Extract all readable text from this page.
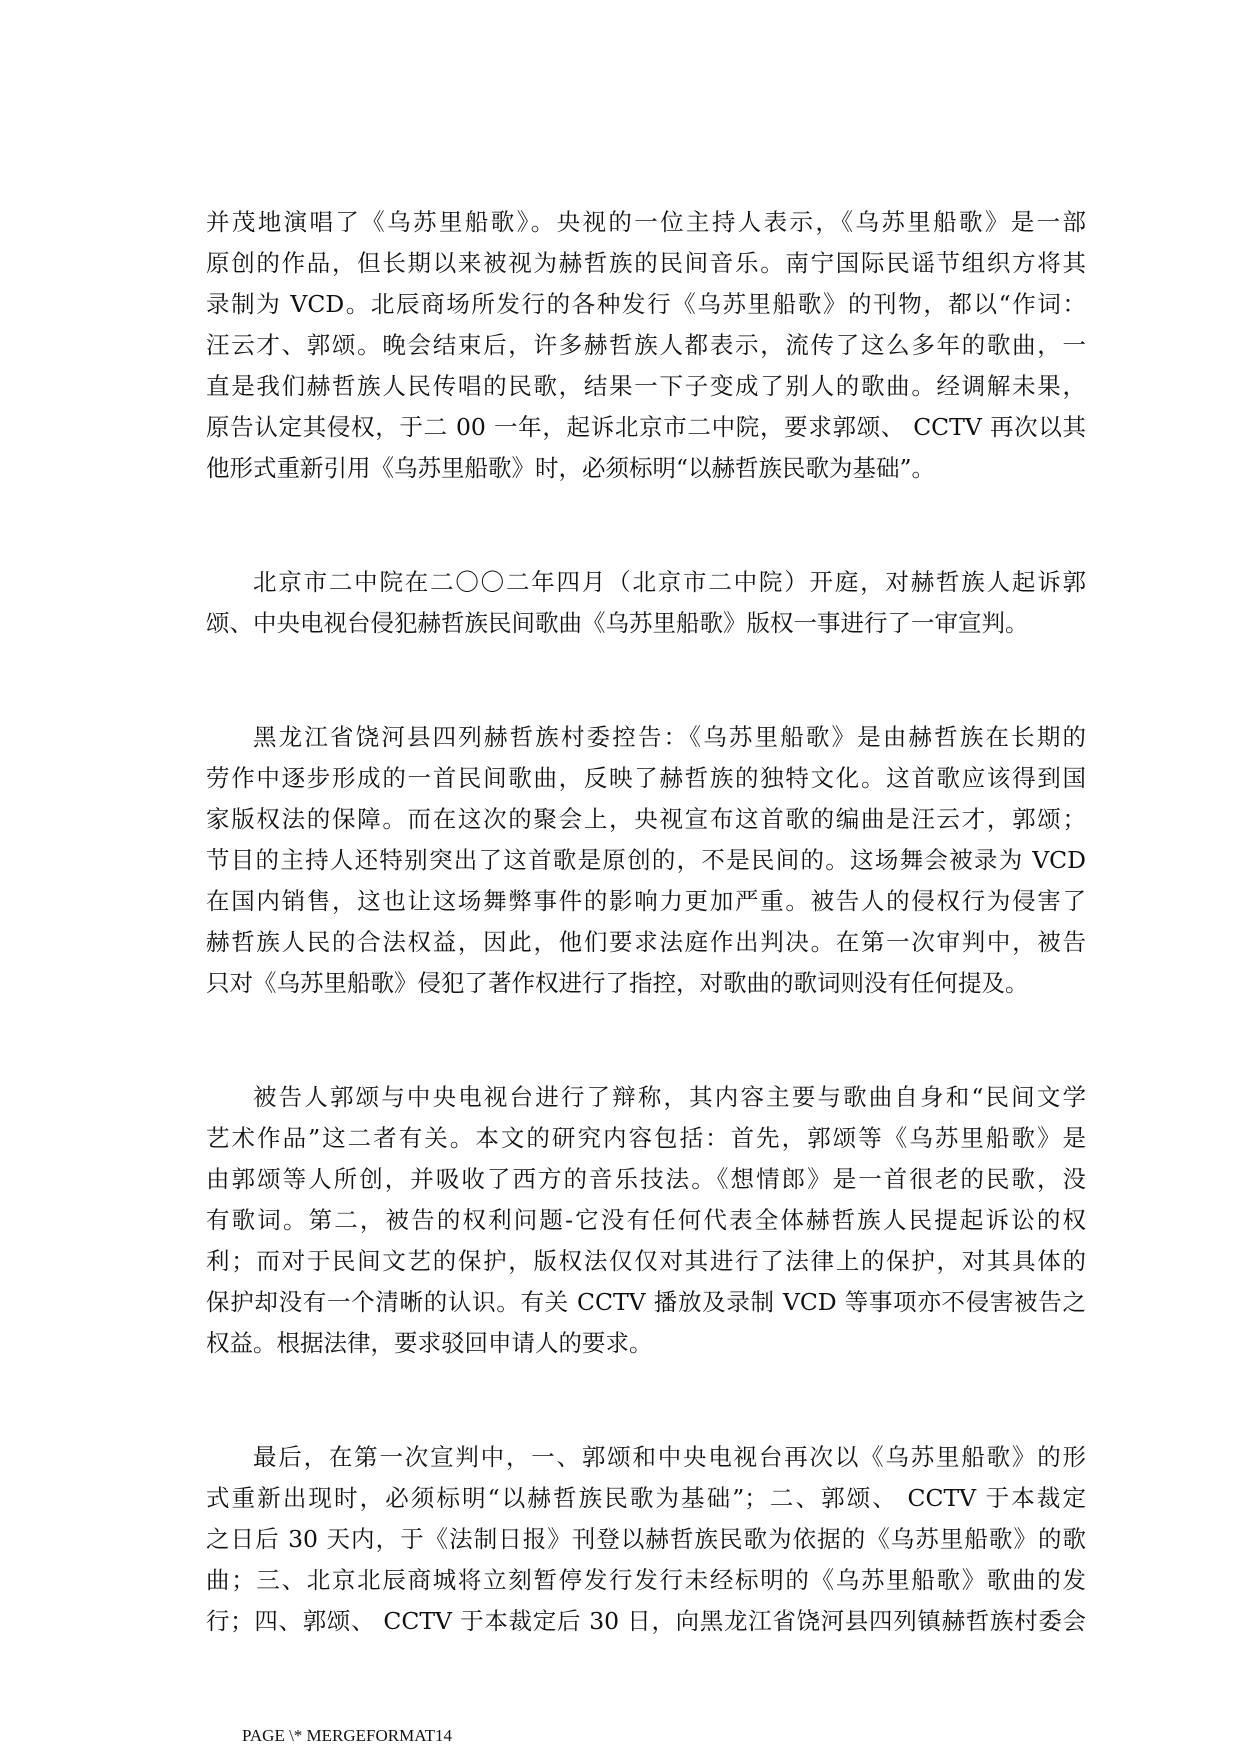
并茂地演唱了《乌苏里船歌》。央视的一位主持人表示，《乌苏里船歌》是一部
原创的作品，但长期以来被视为赫哲族的民间音乐。南宁国际民谣节组织方将其
录制为 VCD。北辰商场所发行的各种发行《乌苏里船歌》的刊物，都以“作词：
汪云才、郭颂。晚会结束后，许多赫哲族人都表示，流传了这么多年的歌曲，一
直是我们赫哲族人民传唱的民歌，结果一下子变成了别人的歌曲。经调解未果，
原告认定其侵权，于二 00 一年，起诉北京市二中院，要求郭颂、 CCTV 再次以其
他形式重新引用《乌苏里船歌》时，必须标明“以赫哲族民歌为基础”。
北京市二中院在二〇〇二年四月（北京市二中院）开庭，对赫哲族人起诉郭
颂、中央电视台侵犯赫哲族民间歌曲《乌苏里船歌》版权一事进行了一审宣判。
黑龙江省饶河县四列赫哲族村委控告：《乌苏里船歌》是由赫哲族在长期的
劳作中逐步形成的一首民间歌曲，反映了赫哲族的独特文化。这首歌应该得到国
家版权法的保障。而在这次的聚会上，央视宣布这首歌的编曲是汪云才，郭颂；
节目的主持人还特别突出了这首歌是原创的，不是民间的。这场舞会被录为 VCD
在国内销售，这也让这场舞弊事件的影响力更加严重。被告人的侵权行为侵害了
赫哲族人民的合法权益，因此，他们要求法庭作出判决。在第一次审判中，被告
只对《乌苏里船歌》侵犯了著作权进行了指控，对歌曲的歌词则没有任何提及。
被告人郭颂与中央电视台进行了辩称，其内容主要与歌曲自身和“民间文学
艺术作品”这二者有关。本文的研究内容包括：首先，郭颂等《乌苏里船歌》是
由郭颂等人所创，并吸收了西方的音乐技法。《想情郎》是一首很老的民歌，没
有歌词。第二，被告的权利问题-它没有任何代表全体赫哲族人民提起诉讼的权
利；而对于民间文艺的保护，版权法仅仅对其进行了法律上的保护，对其具体的
保护却没有一个清晰的认识。有关 CCTV 播放及录制 VCD 等事项亦不侵害被告之
权益。根据法律，要求驳回申请人的要求。
最后，在第一次宣判中，一、郭颂和中央电视台再次以《乌苏里船歌》的形
式重新出现时，必须标明“以赫哲族民歌为基础”；二、郭颂、 CCTV 于本裁定
之日后 30 天内，于《法制日报》刊登以赫哲族民歌为依据的《乌苏里船歌》的歌
曲；三、北京北辰商城将立刻暂停发行发行未经标明的《乌苏里船歌》歌曲的发
行；四、郭颂、 CCTV 于本裁定后 30 日，向黑龙江省饶河县四列镇赫哲族村委会
PAGE \* MERGEFORMAT14
